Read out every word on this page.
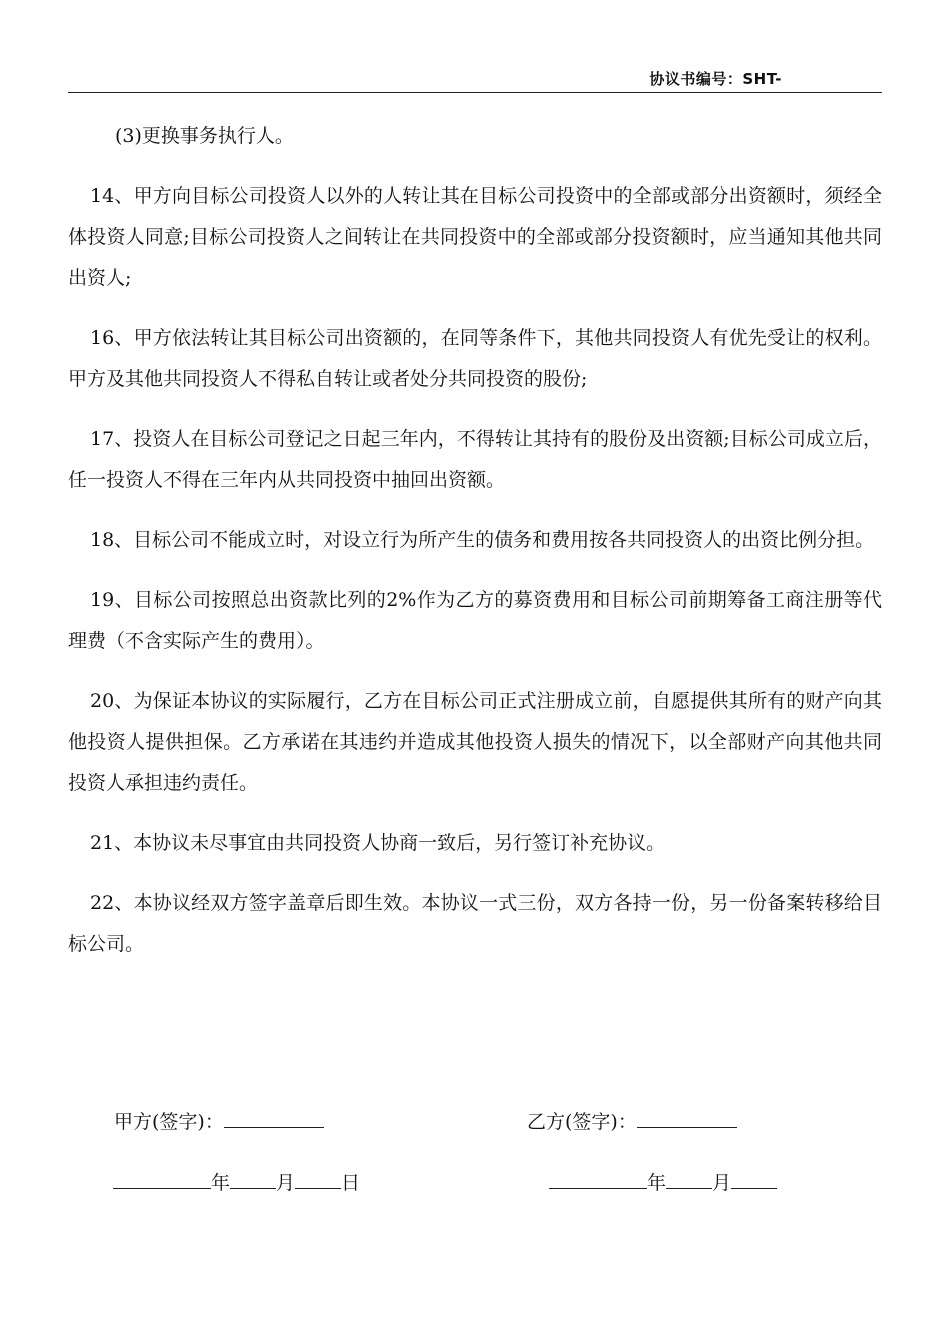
协议书编号：SHT-

(3)更换事务执行人。

14、甲方向目标公司投资人以外的人转让其在目标公司投资中的全部或部分出资额时，须经全体投资人同意;目标公司投资人之间转让在共同投资中的全部或部分投资额时，应当通知其他共同出资人;

16、甲方依法转让其目标公司出资额的，在同等条件下，其他共同投资人有优先受让的权利。甲方及其他共同投资人不得私自转让或者处分共同投资的股份;

17、投资人在目标公司登记之日起三年内，不得转让其持有的股份及出资额;目标公司成立后，任一投资人不得在三年内从共同投资中抽回出资额。

18、目标公司不能成立时，对设立行为所产生的债务和费用按各共同投资人的出资比例分担。

19、目标公司按照总出资款比列的2%作为乙方的募资费用和目标公司前期筹备工商注册等代理费（不含实际产生的费用）。

20、为保证本协议的实际履行，乙方在目标公司正式注册成立前，自愿提供其所有的财产向其他投资人提供担保。乙方承诺在其违约并造成其他投资人损失的情况下，以全部财产向其他共同投资人承担违约责任。

21、本协议未尽事宜由共同投资人协商一致后，另行签订补充协议。

22、本协议经双方签字盖章后即生效。本协议一式三份，双方各持一份，另一份备案转移给目标公司。

甲方(签字)：	乙方(签字)：
年 月 日	年 月
